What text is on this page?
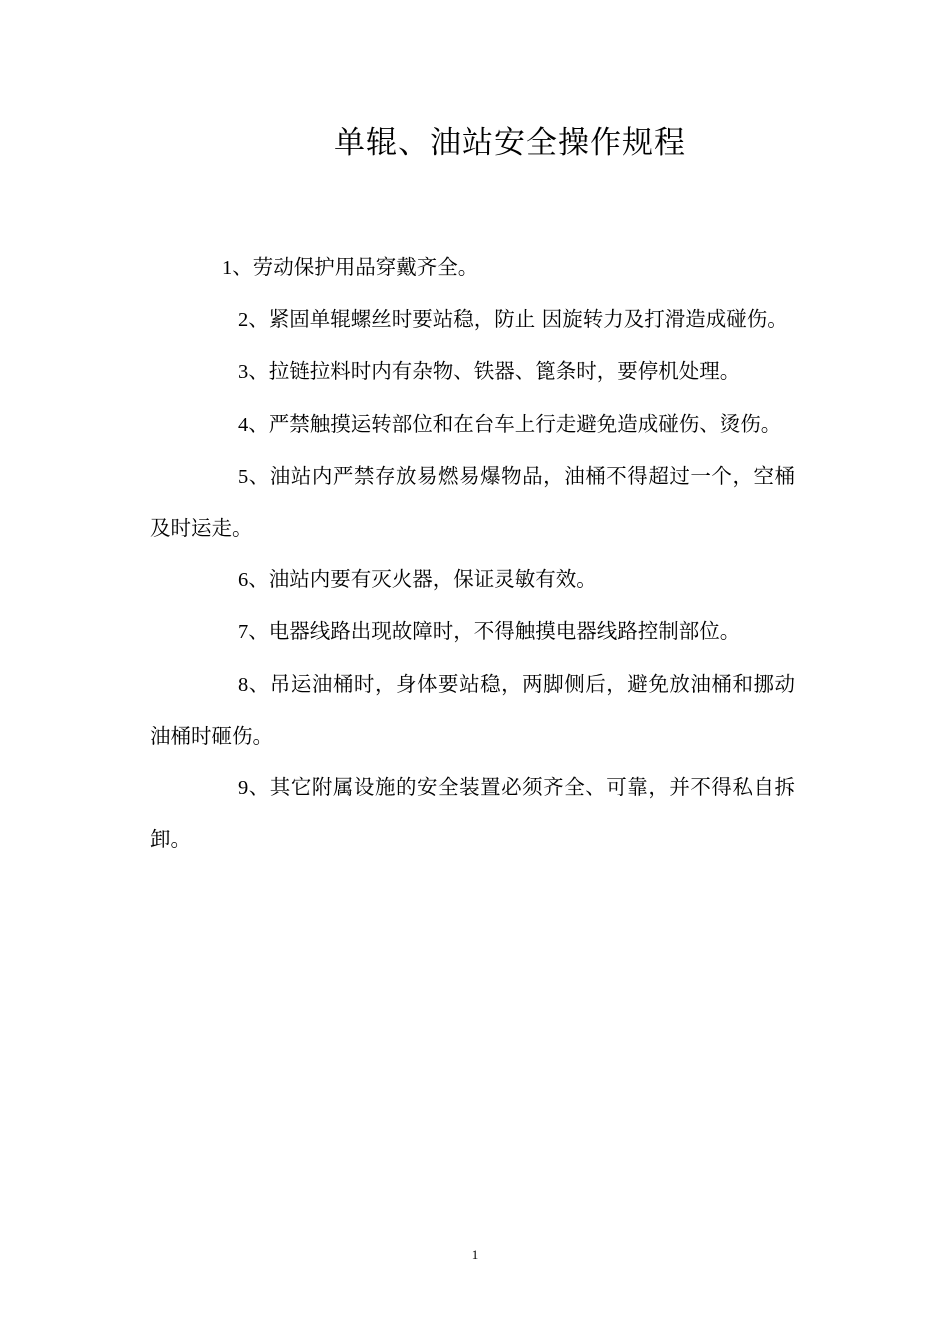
单辊、油站安全操作规程

1、劳动保护用品穿戴齐全。

2、紧固单辊螺丝时要站稳，防止 因旋转力及打滑造成碰伤。

3、拉链拉料时内有杂物、铁器、篦条时，要停机处理。

4、严禁触摸运转部位和在台车上行走避免造成碰伤、烫伤。

5、油站内严禁存放易燃易爆物品，油桶不得超过一个，空桶及时运走。

6、油站内要有灭火器，保证灵敏有效。

7、电器线路出现故障时，不得触摸电器线路控制部位。

8、吊运油桶时，身体要站稳，两脚侧后，避免放油桶和挪动油桶时砸伤。

9、其它附属设施的安全装置必须齐全、可靠，并不得私自拆卸。

1
